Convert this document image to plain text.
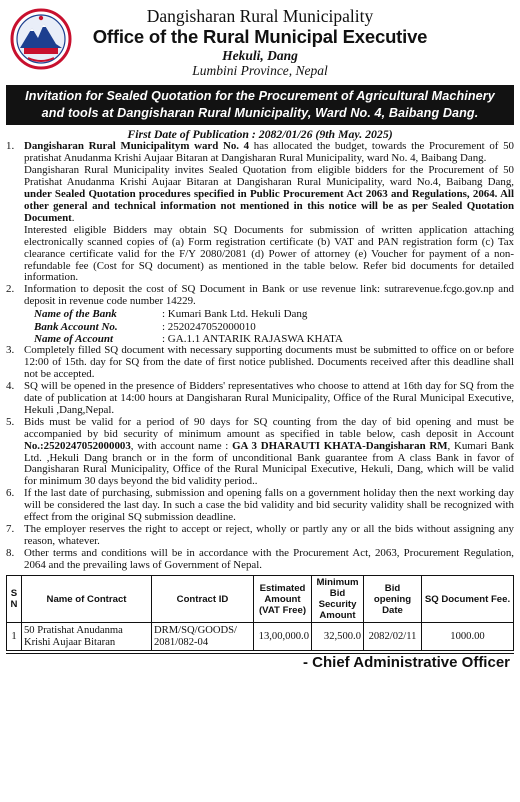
Dangisharan Rural Municipality
Office of the Rural Municipal Executive
Hekuli, Dang
Lumbini Province, Nepal
Invitation for Sealed Quotation for the Procurement of Agricultural Machinery
and tools at Dangisharan Rural Municipality, Ward No. 4, Baibang Dang.
First Date of Publication : 2082/01/26 (9th May. 2025)
1. Dangisharan Rural Municipalitym ward No. 4 has allocated the budget, towards the Procurement of 50 pratishat Anudanma Krishi Aujaar Bitaran at Dangisharan Rural Municipality, ward No. 4, Baibang Dang.

Dangisharan Rural Municipality invites Sealed Quotation from eligible bidders for the Procurement of 50 Pratishat Anudanma Krishi Aujaar Bitaran at Dangisharan Rural Municipality, ward No.4, Baibang Dang, under Sealed Quotation procedures specified in Public Procurement Act 2063 and Regulations, 2064. All other general and technical information not mentioned in this notice will be as per Sealed Quotation Document.

Interested eligible Bidders may obtain SQ Documents for submission of written application attaching electronically scanned copies of (a) Form registration certificate (b) VAT and PAN registration form (c) Tax clearance certificate valid for the F/Y 2080/2081 (d) Power of attorney (e) Voucher for payment of a non-refundable fee (Cost for SQ document) as mentioned in the table below. Refer bid documents for detailed information.

2. Information to deposit the cost of SQ Document in Bank or use revenue link: sutrarevenue.fcgo.gov.np and deposit in revenue code number 14229.

Name of the Bank	: Kumari Bank Ltd. Hekuli Dang
Bank Account No.	: 2520247052000010
Name of Account	: GA.1.1 ANTARIK RAJASWA KHATA
3. Completely filled SQ document with necessary supporting documents must be submitted to office on or before 12:00 of 15th. day for SQ from the date of first notice published. Documents received after this deadline shall not be accepted.

4. SQ will be opened in the presence of Bidders' representatives who choose to attend at 16th day for SQ from the date of publication at 14:00 hours at Dangisharan Rural Municipality, Office of the Rural Municipal Executive, Hekuli ,Dang,Nepal.

5. Bids must be valid for a period of 90 days for SQ counting from the day of bid opening and must be accompanied by bid security of minimum amount as specified in table below, cash deposit in Account No.:2520247052000003, with account name : GA 3 DHARAUTI KHATA-Dangisharan RM, Kumari Bank Ltd. ,Hekuli Dang branch or in the form of unconditional Bank guarantee from A class Bank in favor of Dangisharan Rural Municipality, Office of the Rural Municipal Executive, Hekuli, Dang, which will be valid for minimum 30 days beyond the bid validity period..

6. If the last date of purchasing, submission and opening falls on a government holiday then the next working day will be considered the last day. In such a case the bid validity and bid security validity shall be recognized with effect from the original SQ submission deadline.

7. The employer reserves the right to accept or reject, wholly or partly any or all the bids without assigning any reason, whatever.

8. Other terms and conditions will be in accordance with the Procurement Act, 2063, Procurement Regulation, 2064 and the prevailing laws of Government of Nepal.

S N	Name of Contract	Contract ID	Estimated Amount (VAT Free)	Minimum Bid Security Amount	Bid opening Date	SQ Document Fee.
1	50 Pratishat Anudanma Krishi Aujaar Bitaran	DRM/SQ/GOODS/ 2081/082-04	13,00,000.0	32,500.0	2082/02/11	1000.00
- Chief Administrative Officer
